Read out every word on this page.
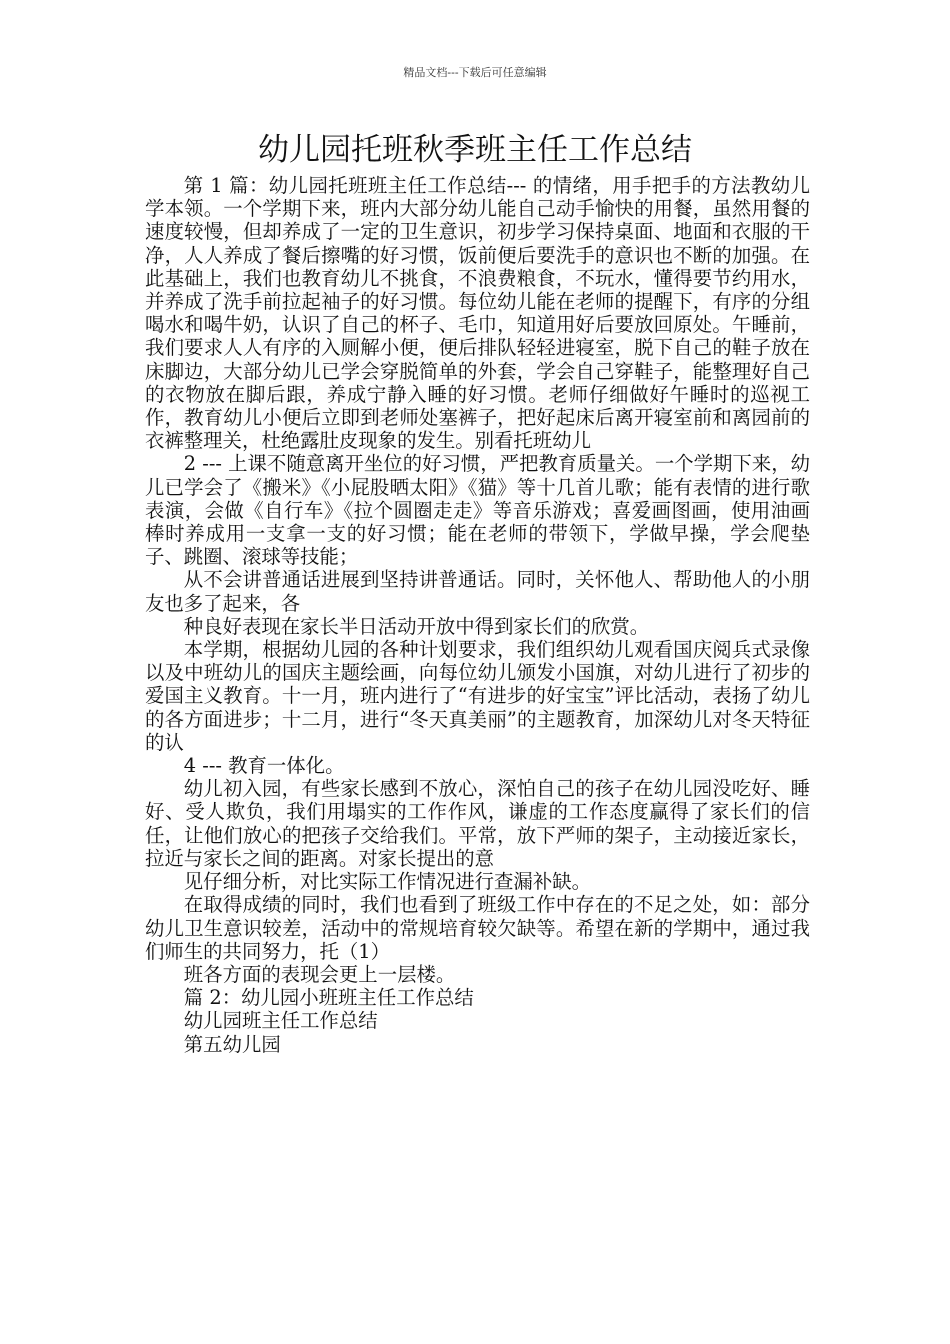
精品文档---下载后可任意编辑
幼儿园托班秋季班主任工作总结

第 1 篇：幼儿园托班班主任工作总结--- 的情绪，用手把手的方法教幼儿学本领。一个学期下来，班内大部分幼儿能自己动手愉快的用餐，虽然用餐的速度较慢，但却养成了一定的卫生意识，初步学习保持桌面、地面和衣服的干净，人人养成了餐后擦嘴的好习惯，饭前便后要洗手的意识也不断的加强。在此基础上，我们也教育幼儿不挑食，不浪费粮食，不玩水，懂得要节约用水，并养成了洗手前拉起袖子的好习惯。每位幼儿能在老师的提醒下，有序的分组喝水和喝牛奶，认识了自己的杯子、毛巾，知道用好后要放回原处。午睡前，我们要求人人有序的入厕解小便，便后排队轻轻进寝室，脱下自己的鞋子放在床脚边，大部分幼儿已学会穿脱简单的外套，学会自己穿鞋子，能整理好自己的衣物放在脚后跟，养成宁静入睡的好习惯。老师仔细做好午睡时的巡视工作，教育幼儿小便后立即到老师处塞裤子，把好起床后离开寝室前和离园前的衣裤整理关，杜绝露肚皮现象的发生。别看托班幼儿

2 --- 上课不随意离开坐位的好习惯，严把教育质量关。一个学期下来，幼儿已学会了《搬米》《小屁股晒太阳》《猫》等十几首儿歌；能有表情的进行歌表演，会做《自行车》《拉个圆圈走走》等音乐游戏；喜爱画图画，使用油画棒时养成用一支拿一支的好习惯；能在老师的带领下，学做早操，学会爬垫子、跳圈、滚球等技能；

从不会讲普通话进展到坚持讲普通话。同时，关怀他人、帮助他人的小朋友也多了起来，各

种良好表现在家长半日活动开放中得到家长们的欣赏。

本学期，根据幼儿园的各种计划要求，我们组织幼儿观看国庆阅兵式录像以及中班幼儿的国庆主题绘画，向每位幼儿颁发小国旗，对幼儿进行了初步的爱国主义教育。十一月，班内进行了“有进步的好宝宝”评比活动，表扬了幼儿的各方面进步；十二月，进行“冬天真美丽”的主题教育，加深幼儿对冬天特征的认

4 --- 教育一体化。

幼儿初入园，有些家长感到不放心，深怕自己的孩子在幼儿园没吃好、睡好、受人欺负，我们用塌实的工作作风，谦虚的工作态度赢得了家长们的信任，让他们放心的把孩子交给我们。平常，放下严师的架子，主动接近家长，拉近与家长之间的距离。对家长提出的意

见仔细分析，对比实际工作情况进行查漏补缺。

在取得成绩的同时，我们也看到了班级工作中存在的不足之处，如：部分幼儿卫生意识较差，活动中的常规培育较欠缺等。希望在新的学期中，通过我们师生的共同努力，托（1）

班各方面的表现会更上一层楼。

篇 2：幼儿园小班班主任工作总结

幼儿园班主任工作总结

第五幼儿园
